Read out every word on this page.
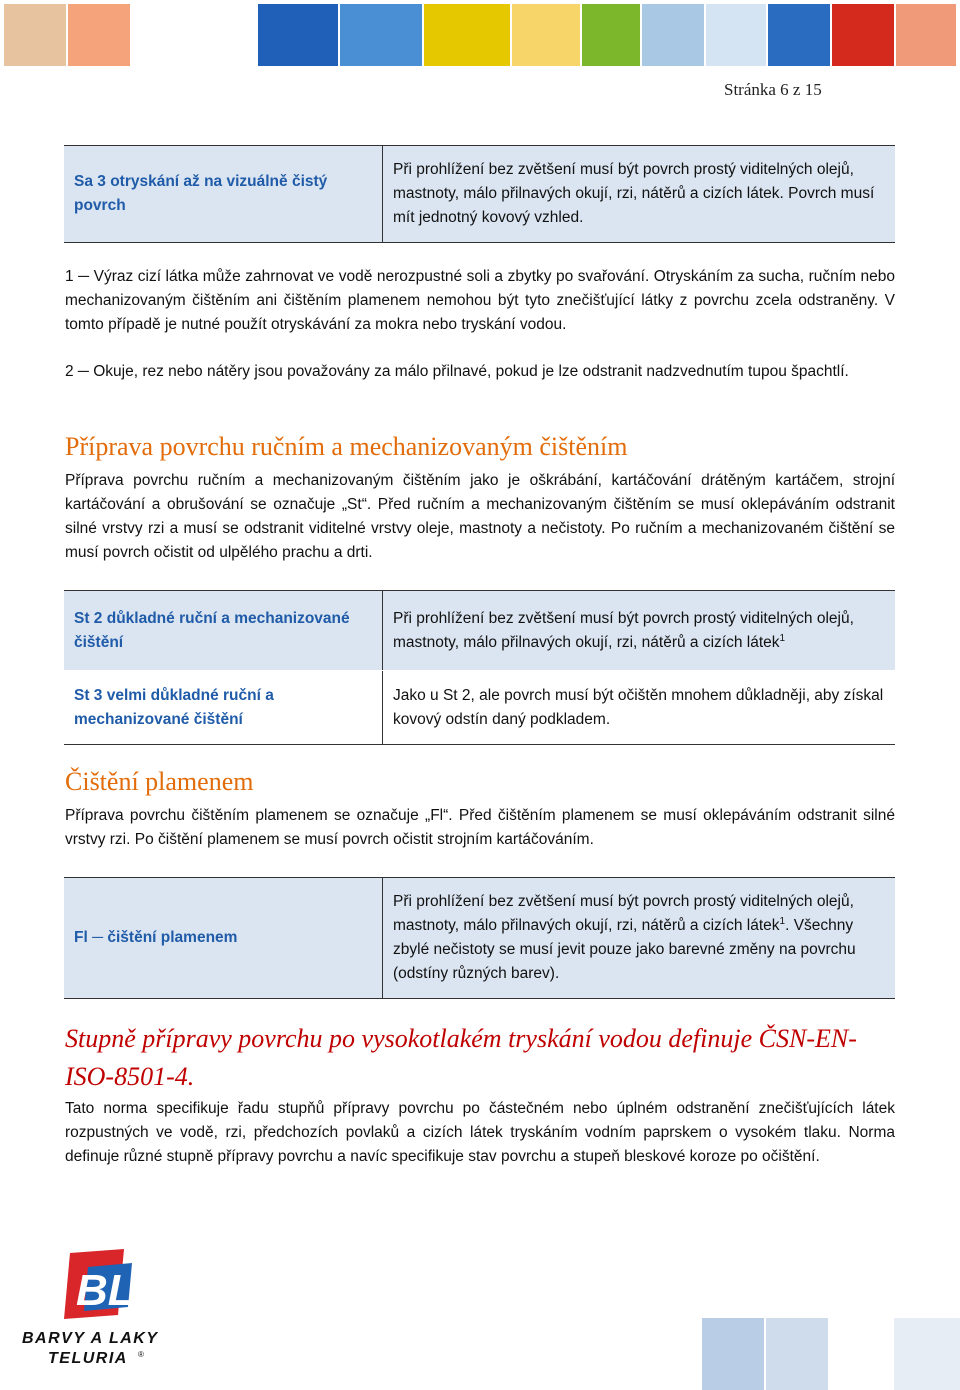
Stránka 6 z 15
Sa 3 otryskání až na vizuálně čistý povrch	Při prohlížení bez zvětšení musí být povrch prostý viditelných olejů, mastnoty, málo přilnavých okují, rzi, nátěrů a cizích látek. Povrch musí mít jednotný kovový vzhled.

1 ─ Výraz cizí látka může zahrnovat ve vodě nerozpustné soli a zbytky po svařování. Otryskáním za sucha, ručním nebo mechanizovaným čištěním ani čištěním plamenem nemohou být tyto znečišťující látky z povrchu zcela odstraněny. V tomto případě je nutné použít otryskávání za mokra nebo tryskání vodou.

2 ─ Okuje, rez nebo nátěry jsou považovány za málo přilnavé, pokud je lze odstranit nadzvednutím tupou špachtlí.

Příprava povrchu ručním a mechanizovaným čištěním

Příprava povrchu ručním a mechanizovaným čištěním jako je oškrábání, kartáčování drátěným kartáčem, strojní kartáčování a obrušování se označuje „St“. Před ručním a mechanizovaným čištěním se musí oklepáváním odstranit silné vrstvy rzi a musí se odstranit viditelné vrstvy oleje, mastnoty a nečistoty. Po ručním a mechanizovaném čištění se musí povrch očistit od ulpělého prachu a drti.

St 2 důkladné ruční a mechanizované čištění	Při prohlížení bez zvětšení musí být povrch prostý viditelných olejů, mastnoty, málo přilnavých okují, rzi, nátěrů a cizích látek$^1$
St 3 velmi důkladné ruční a mechanizované čištění	Jako u St 2, ale povrch musí být očištěn mnohem důkladněji, aby získal kovový odstín daný podkladem.
Čištění plamenem

Příprava povrchu čištěním plamenem se označuje „Fl“. Před čištěním plamenem se musí oklepáváním odstranit silné vrstvy rzi. Po čištění plamenem se musí povrch očistit strojním kartáčováním.

Fl ─ čištění plamenem	Při prohlížení bez zvětšení musí být povrch prostý viditelných olejů, mastnoty, málo přilnavých okují, rzi, nátěrů a cizích látek$^1$. Všechny zbylé nečistoty se musí jevit pouze jako barevné změny na povrchu (odstíny různých barev).
Stupně přípravy povrchu po vysokotlakém tryskání vodou definuje ČSN-EN-ISO-8501-4.

Tato norma specifikuje řadu stupňů přípravy povrchu po částečném nebo úplném odstranění znečišťujících látek rozpustných ve vodě, rzi, předchozích povlaků a cizích látek tryskáním vodním paprskem o vysokém tlaku. Norma definuje různé stupně přípravy povrchu a navíc specifikuje stav povrchu a stupeň bleskové koroze po očištění.

BL
BARVY A LAKY
TELURIA ®
